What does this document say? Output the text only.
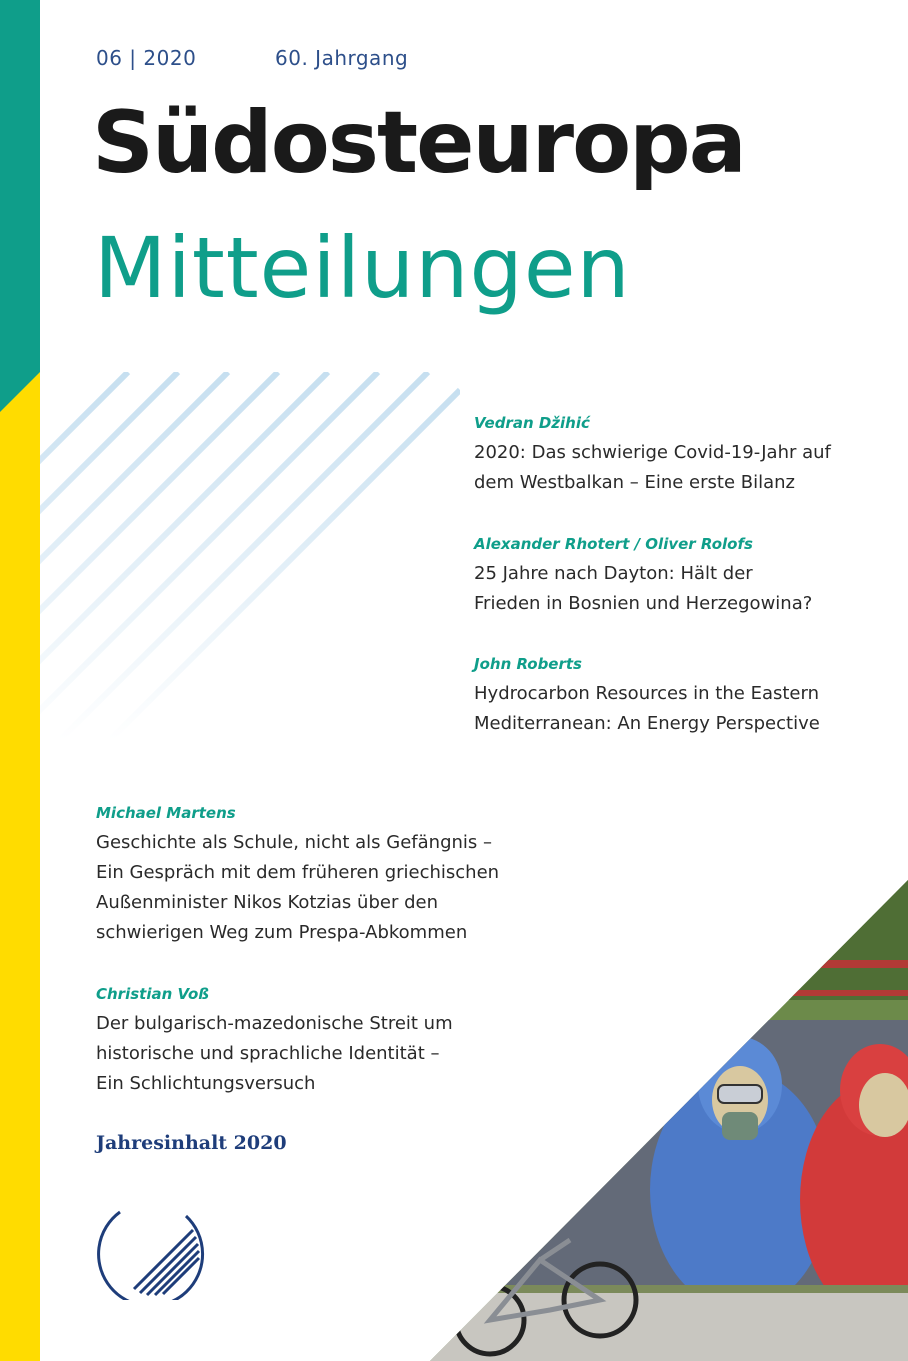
06 | 2020	60. Jahrgang
Südosteuropa
Mitteilungen
Vedran Džihić
2020: Das schwierige Covid-19-Jahr auf
dem Westbalkan – Eine erste Bilanz
Alexander Rhotert / Oliver Rolofs
25 Jahre nach Dayton: Hält der
Frieden in Bosnien und Herzegowina?
John Roberts
Hydrocarbon Resources in the Eastern
Mediterranean: An Energy Perspective
Michael Martens
Geschichte als Schule, nicht als Gefängnis –
Ein Gespräch mit dem früheren griechischen
Außenminister Nikos Kotzias über den
schwierigen Weg zum Prespa-Abkommen
Christian Voß
Der bulgarisch-mazedonische Streit um
historische und sprachliche Identität –
Ein Schlichtungsversuch
Jahresinhalt 2020
